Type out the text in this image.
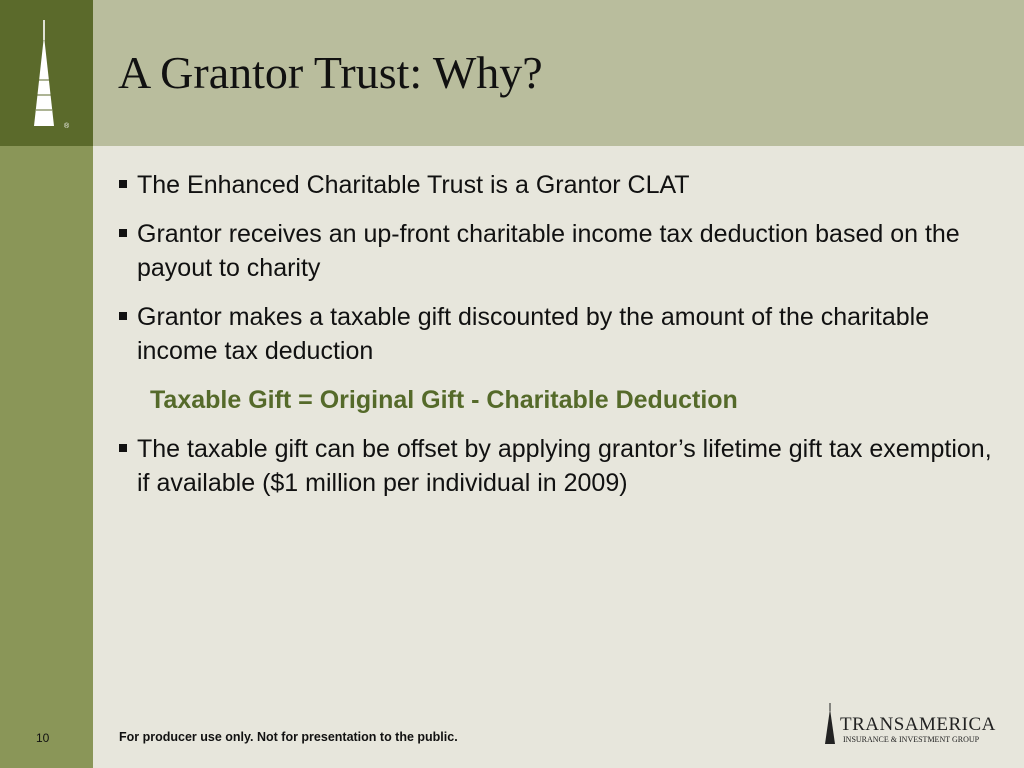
®
A Grantor Trust: Why?
The Enhanced Charitable Trust is a Grantor CLAT
Grantor receives an up-front charitable income tax deduction based on the payout to charity
Grantor makes a taxable gift discounted by the amount of the charitable income tax deduction
Taxable Gift = Original Gift - Charitable Deduction
The taxable gift can be offset by applying grantor’s lifetime gift tax exemption, if available ($1 million per individual in 2009)
10	For producer use only. Not for presentation to the public.
TRANSAMERICA
INSURANCE & INVESTMENT GROUP
